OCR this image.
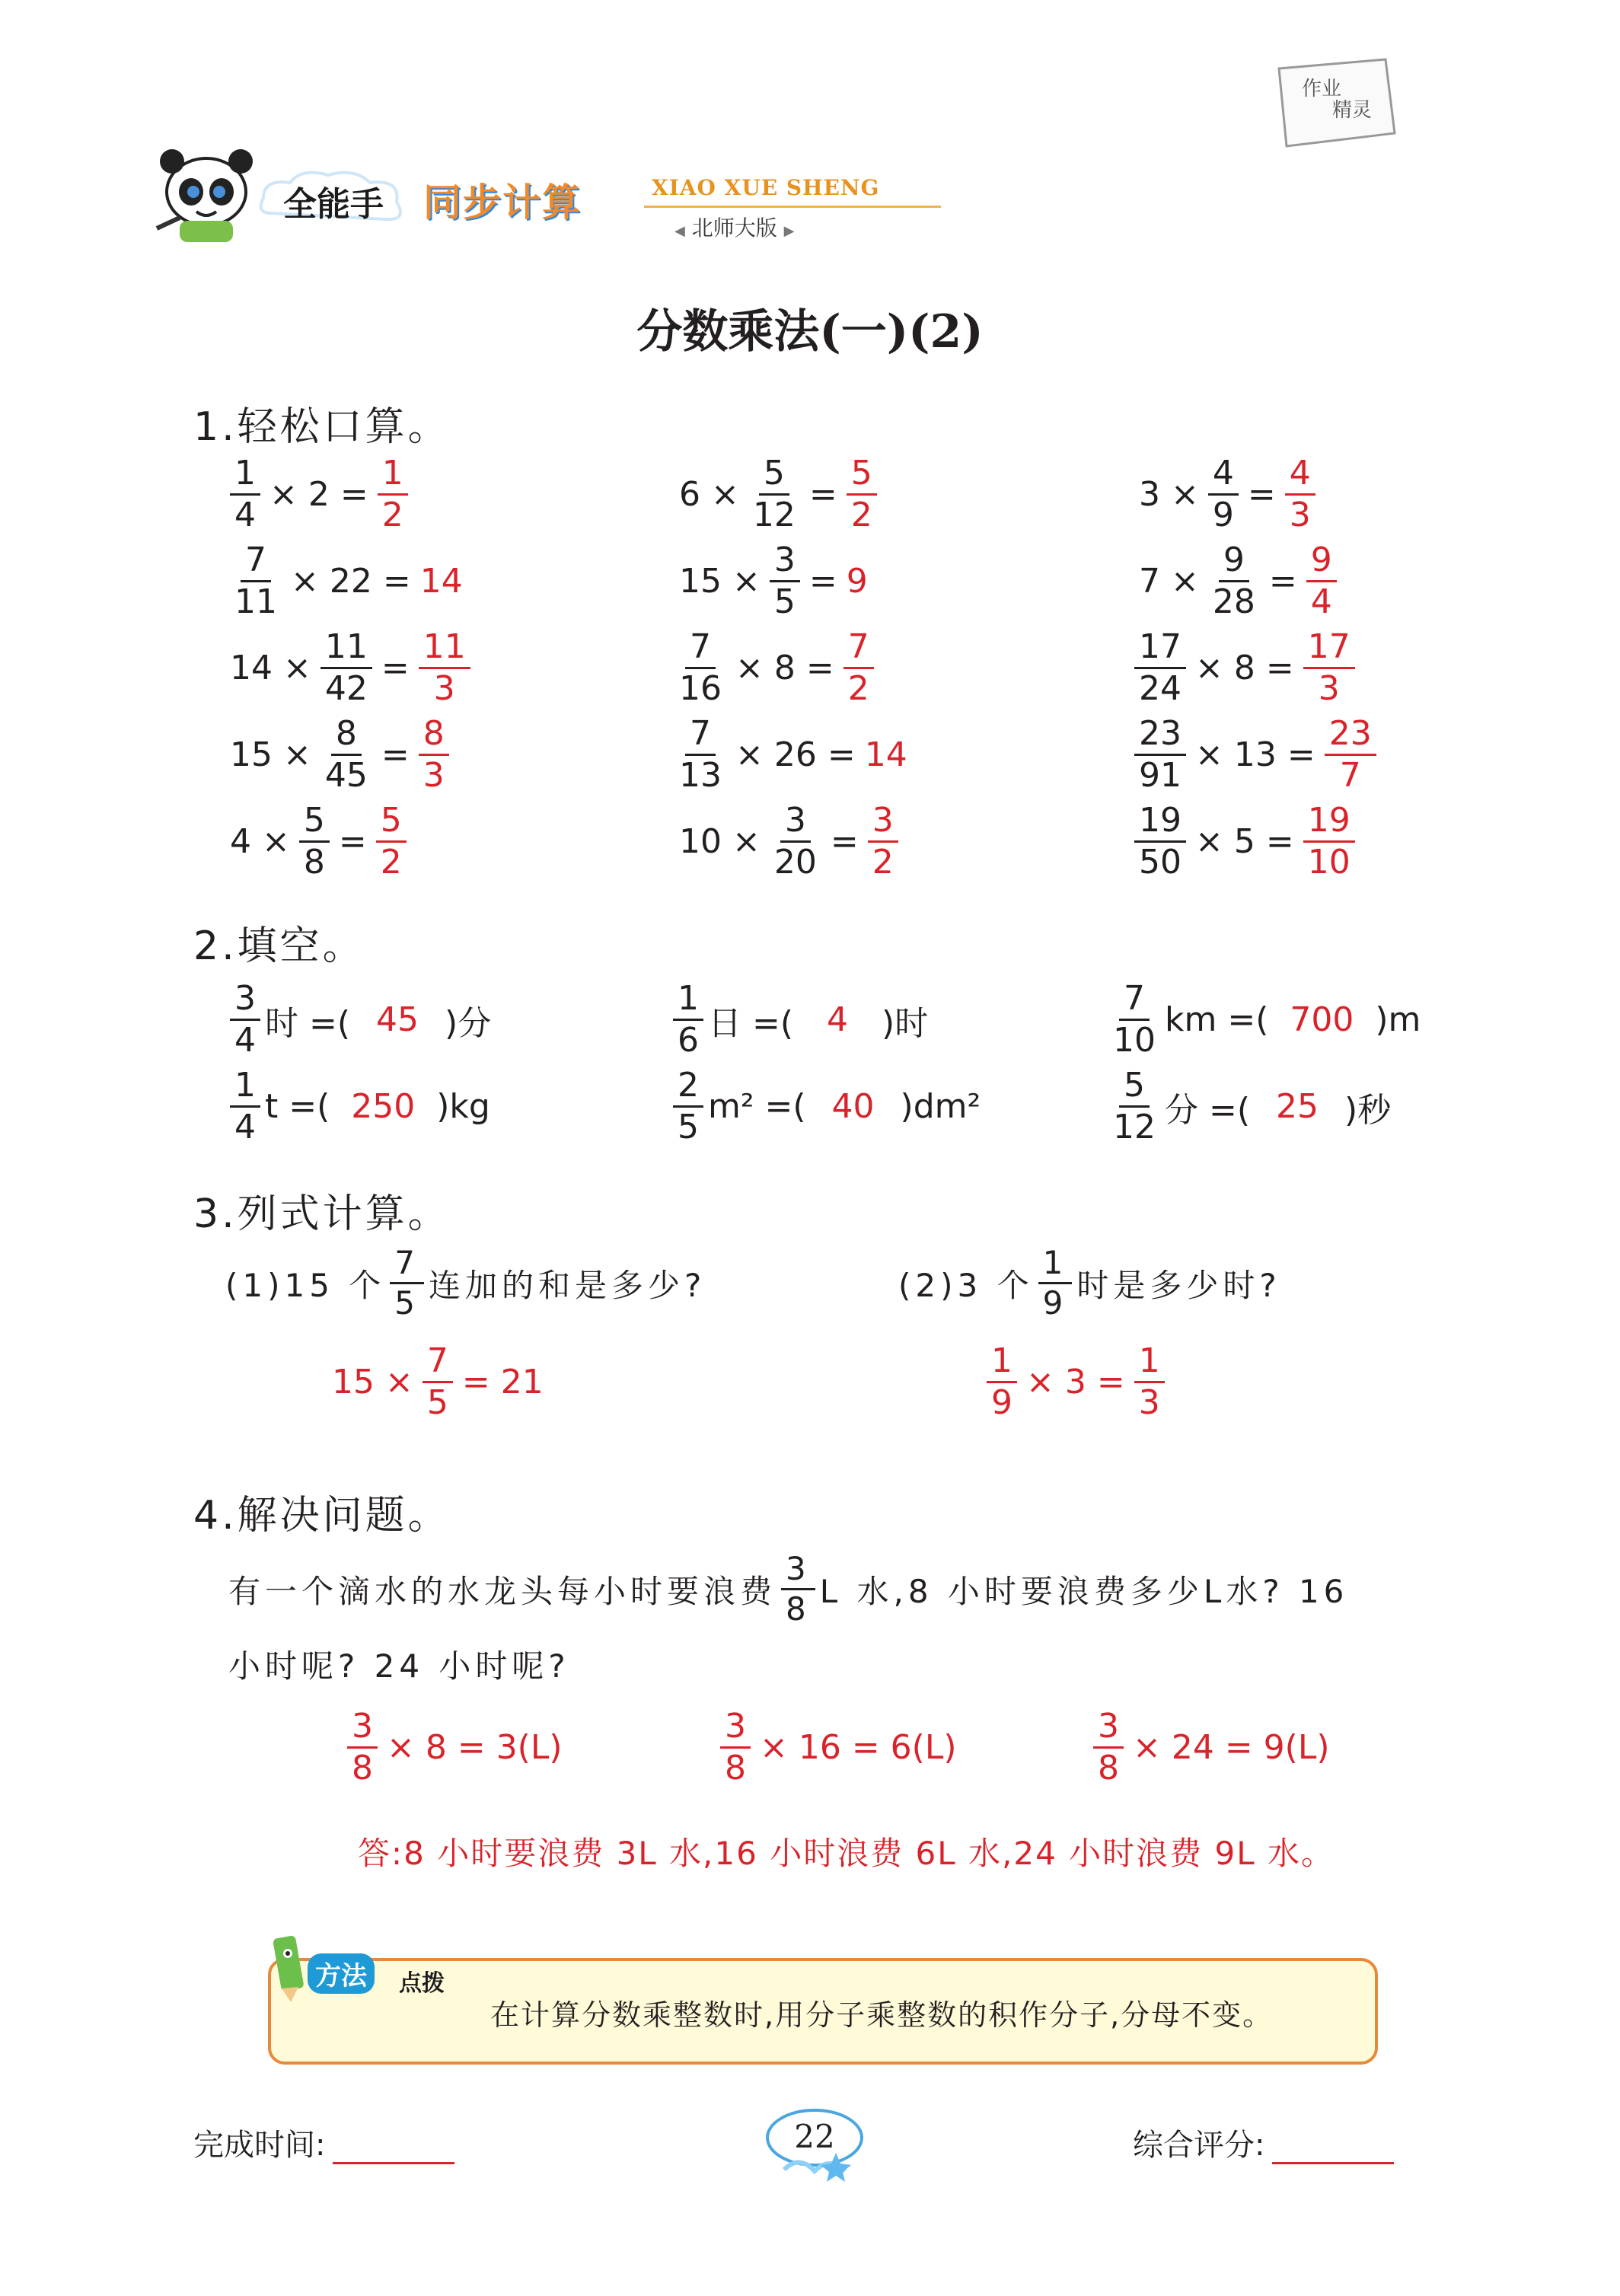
全能手 同步计算	XIAO XUE SHENG
◀ 北师大版 ▶
作业
精灵
分数乘法(一)(2)
1.轻松口算。
$\frac{1}{4} \times 2 = \frac{1}{2}$	$6 \times \frac{5}{12} = \frac{5}{2}$	$3 \times \frac{4}{9} = \frac{4}{3}$
$\frac{7}{11} \times 22 = 14$	$15 \times \frac{3}{5} = 9$	$7 \times \frac{9}{28} = \frac{9}{4}$
$14 \times \frac{11}{42} = \frac{11}{3}$	$\frac{7}{16} \times 8 = \frac{7}{2}$	$\frac{17}{24} \times 8 = \frac{17}{3}$
$15 \times \frac{8}{45} = \frac{8}{3}$	$\frac{7}{13} \times 26 = 14$	$\frac{23}{91} \times 13 = \frac{23}{7}$
$4 \times \frac{5}{8} = \frac{5}{2}$	$10 \times \frac{3}{20} = \frac{3}{2}$	$\frac{19}{50} \times 5 = \frac{19}{10}$
2.填空。
$\frac{3}{4}$ 时 =( 45 )分	$\frac{1}{6}$ 日 =( 4 )时	$\frac{7}{10}$ km =( 700 )m
$\frac{1}{4}$ t =( 250 )kg	$\frac{2}{5} m^2$ =( 40 )dm²	$\frac{5}{12}$ 分 =( 25 )秒
3.列式计算。
(1)15 个 $\frac{7}{5}$ 连加的和是多少?	(2)3 个 $\frac{1}{9}$ 时是多少时?
$15 \times \frac{7}{5} = 21$	$\frac{1}{9} \times 3 = \frac{1}{3}$
4.解决问题。
有一个滴水的水龙头每小时要浪费 $\frac{3}{8}$ L 水,8 小时要浪费多少L水? 16
小时呢? 24 小时呢?
$\frac{3}{8} \times 8 = 3(L)$	$\frac{3}{8} \times 16 = 6(L)$	$\frac{3}{8} \times 24 = 9(L)$
答:8 小时要浪费 3L 水,16 小时浪费 6L 水,24 小时浪费 9L 水。
方法	点拨
在计算分数乘整数时,用分子乘整数的积作分子,分母不变。
完成时间:	22	综合评分:
